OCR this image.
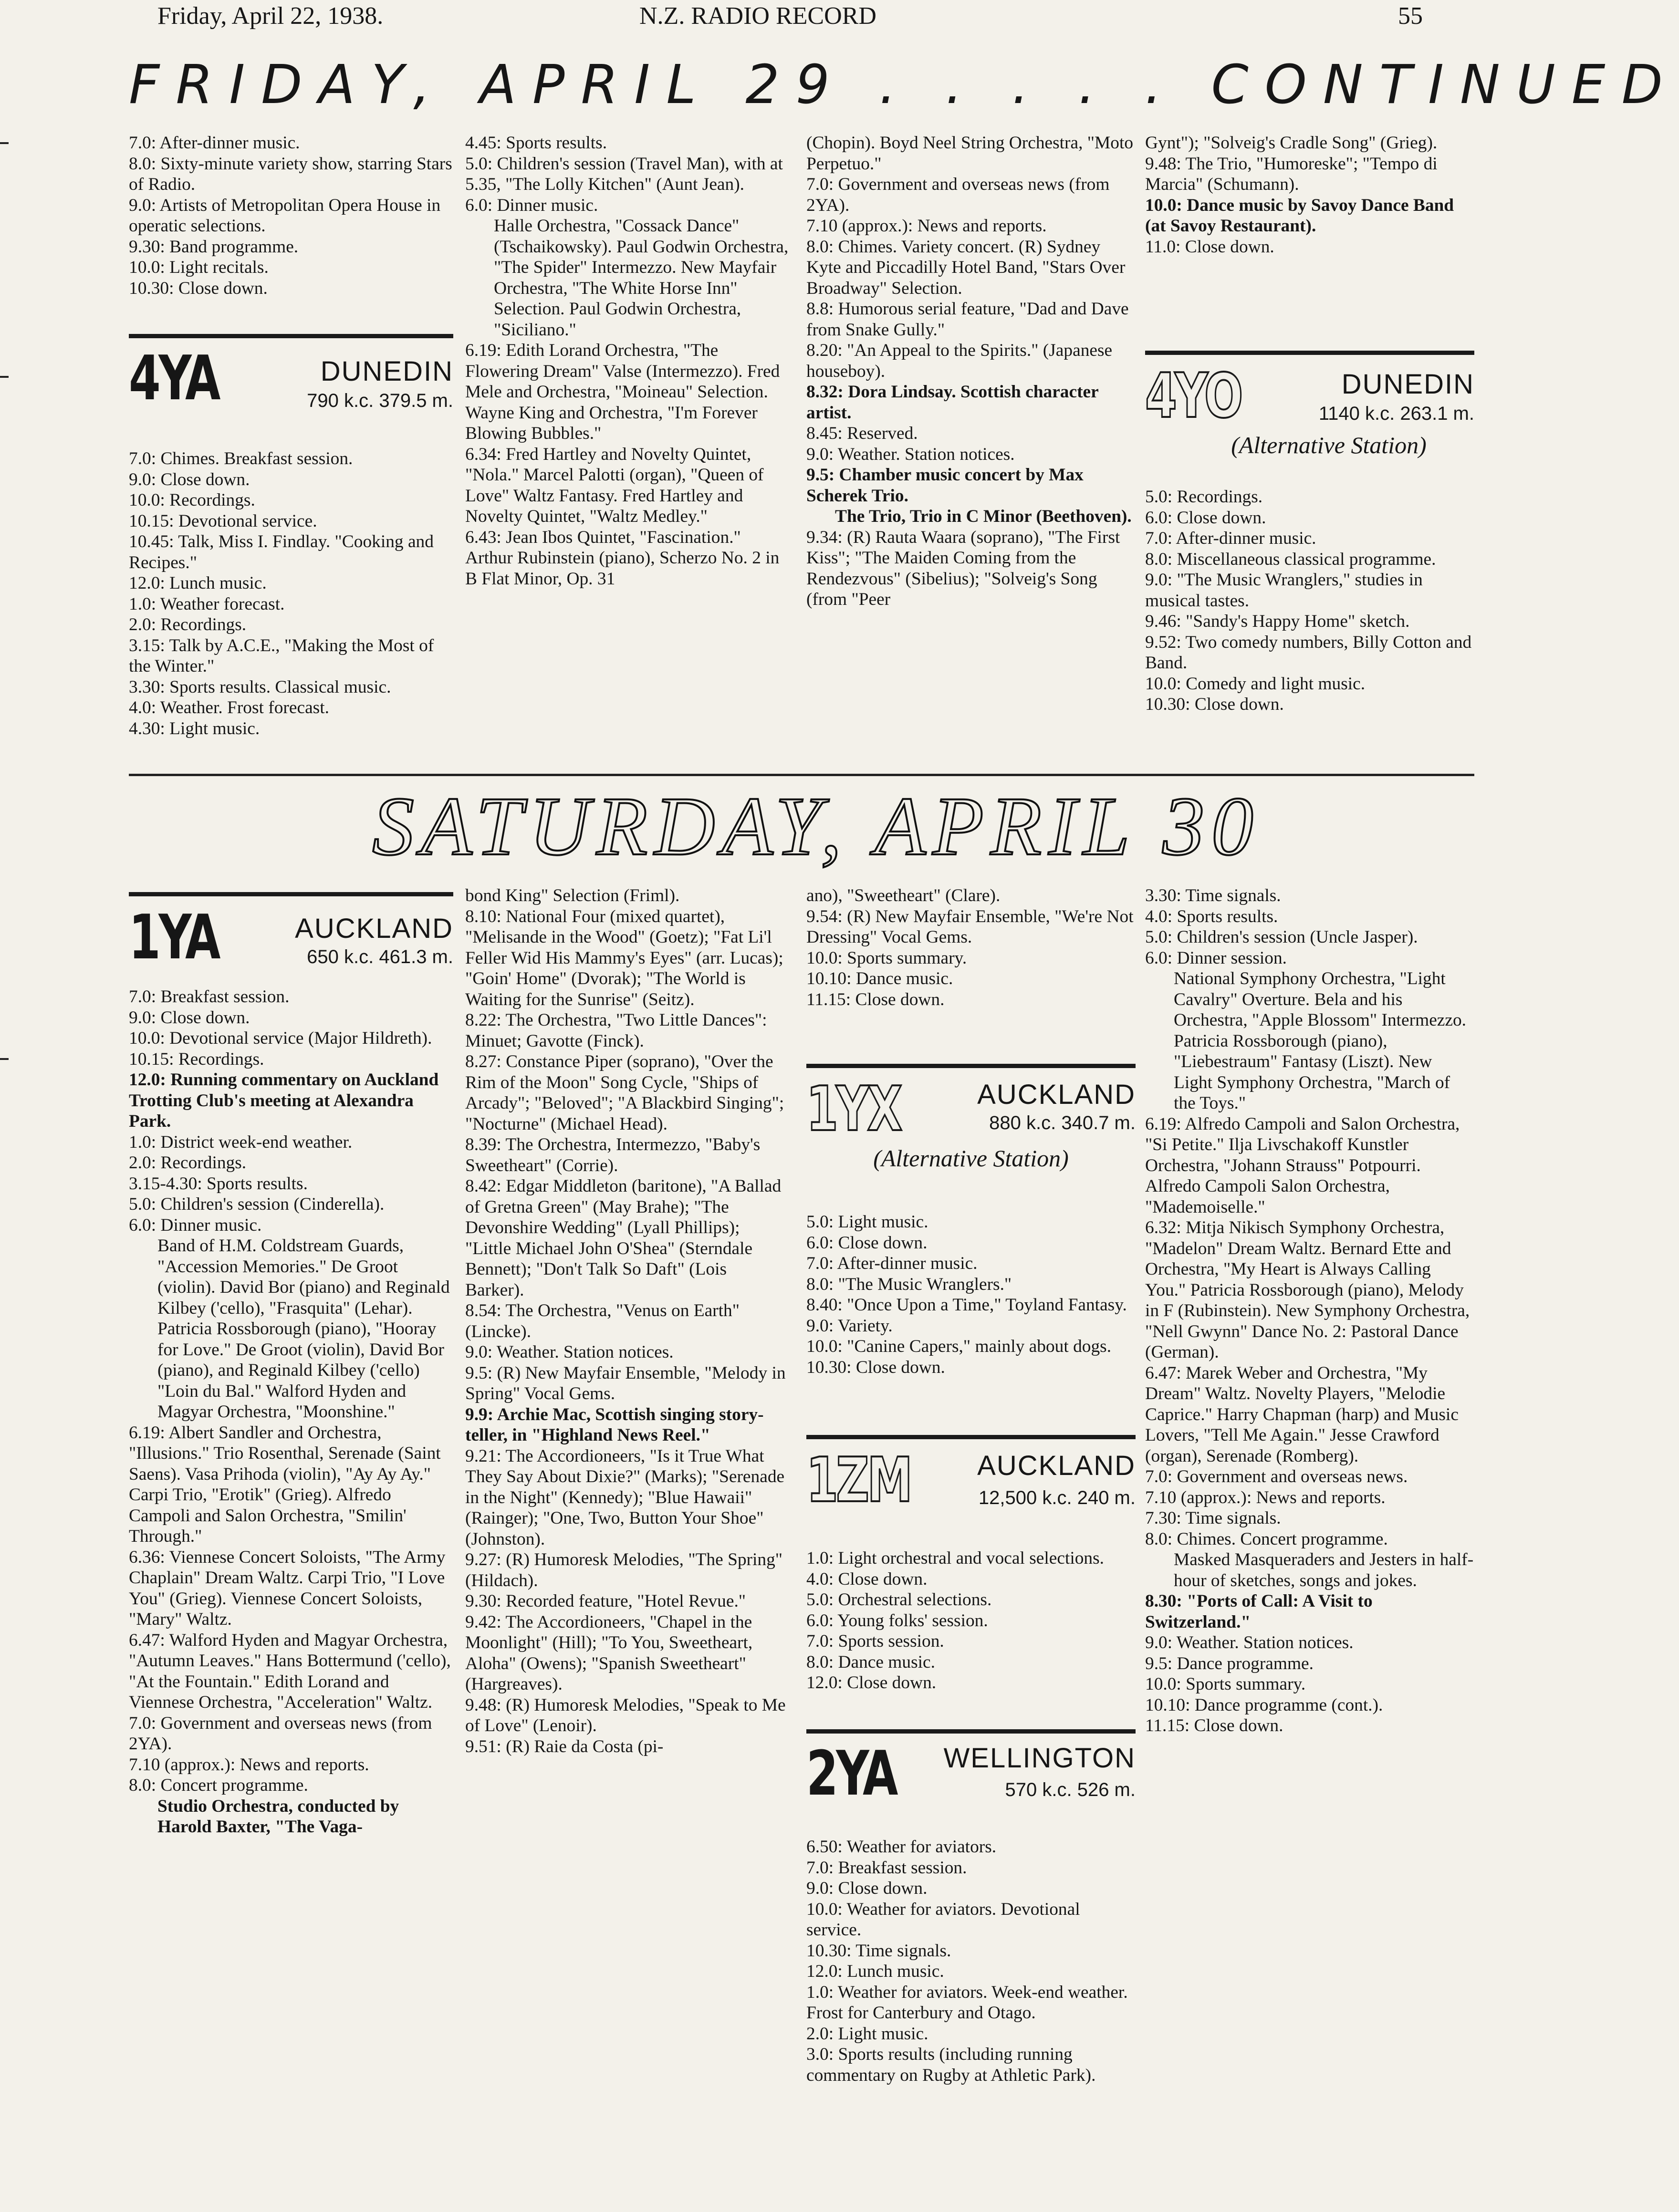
Friday, April 22, 1938.	N.Z. RADIO RECORD	55
FRIDAY, APRIL 29 . . . . . CONTINUED

7.0: After-dinner music.

8.0: Sixty-minute variety show, starring Stars of Radio.

9.0: Artists of Metropolitan Opera House in operatic selections.

9.30: Band programme.

10.0: Light recitals.

10.30: Close down.

4YA	DUNEDIN
790 k.c. 379.5 m.

7.0: Chimes. Breakfast session.

9.0: Close down.

10.0: Recordings.

10.15: Devotional service.

10.45: Talk, Miss I. Findlay. "Cooking and Recipes."

12.0: Lunch music.

1.0: Weather forecast.

2.0: Recordings.

3.15: Talk by A.C.E., "Making the Most of the Winter."

3.30: Sports results. Classical music.

4.0: Weather. Frost forecast.

4.30: Light music.

4.45: Sports results.

5.0: Children's session (Travel Man), with at 5.35, "The Lolly Kitchen" (Aunt Jean).

6.0: Dinner music.

Halle Orchestra, "Cossack Dance" (Tschaikowsky). Paul Godwin Orchestra, "The Spider" Intermezzo. New Mayfair Orchestra, "The White Horse Inn" Selection. Paul Godwin Orchestra, "Siciliano."

6.19: Edith Lorand Orchestra, "The Flowering Dream" Valse (Intermezzo). Fred Mele and Orchestra, "Moineau" Selection. Wayne King and Orchestra, "I'm Forever Blowing Bubbles."

6.34: Fred Hartley and Novelty Quintet, "Nola." Marcel Palotti (organ), "Queen of Love" Waltz Fantasy. Fred Hartley and Novelty Quintet, "Waltz Medley."

6.43: Jean Ibos Quintet, "Fascination." Arthur Rubinstein (piano), Scherzo No. 2 in B Flat Minor, Op. 31

(Chopin). Boyd Neel String Orchestra, "Moto Perpetuo."

7.0: Government and overseas news (from 2YA).

7.10 (approx.): News and reports.

8.0: Chimes. Variety concert. (R) Sydney Kyte and Piccadilly Hotel Band, "Stars Over Broadway" Selection.

8.8: Humorous serial feature, "Dad and Dave from Snake Gully."

8.20: "An Appeal to the Spirits." (Japanese houseboy).

8.32: Dora Lindsay. Scottish character artist.

8.45: Reserved.

9.0: Weather. Station notices.

9.5: Chamber music concert by Max Scherek Trio.

The Trio, Trio in C Minor (Beethoven).

9.34: (R) Rauta Waara (soprano), "The First Kiss"; "The Maiden Coming from the Rendezvous" (Sibelius); "Solveig's Song (from "Peer

Gynt"); "Solveig's Cradle Song" (Grieg).

9.48: The Trio, "Humoreske"; "Tempo di Marcia" (Schumann).

10.0: Dance music by Savoy Dance Band (at Savoy Restaurant).

11.0: Close down.

4YO	DUNEDIN
1140 k.c. 263.1 m.
(Alternative Station)

5.0: Recordings.

6.0: Close down.

7.0: After-dinner music.

8.0: Miscellaneous classical programme.

9.0: "The Music Wranglers," studies in musical tastes.

9.46: "Sandy's Happy Home" sketch.

9.52: Two comedy numbers, Billy Cotton and Band.

10.0: Comedy and light music.

10.30: Close down.

SATURDAY, APRIL 30
1YA	AUCKLAND
650 k.c. 461.3 m.

7.0: Breakfast session.

9.0: Close down.

10.0: Devotional service (Major Hildreth).

10.15: Recordings.

12.0: Running commentary on Auckland Trotting Club's meeting at Alexandra Park.

1.0: District week-end weather.

2.0: Recordings.

3.15-4.30: Sports results.

5.0: Children's session (Cinderella).

6.0: Dinner music.

Band of H.M. Coldstream Guards, "Accession Memories." De Groot (violin). David Bor (piano) and Reginald Kilbey ('cello), "Frasquita" (Lehar). Patricia Rossborough (piano), "Hooray for Love." De Groot (violin), David Bor (piano), and Reginald Kilbey ('cello) "Loin du Bal." Walford Hyden and Magyar Orchestra, "Moonshine."

6.19: Albert Sandler and Orchestra, "Illusions." Trio Rosenthal, Serenade (Saint Saens). Vasa Prihoda (violin), "Ay Ay Ay." Carpi Trio, "Erotik" (Grieg). Alfredo Campoli and Salon Orchestra, "Smilin' Through."

6.36: Viennese Concert Soloists, "The Army Chaplain" Dream Waltz. Carpi Trio, "I Love You" (Grieg). Viennese Concert Soloists, "Mary" Waltz.

6.47: Walford Hyden and Magyar Orchestra, "Autumn Leaves." Hans Bottermund ('cello), "At the Fountain." Edith Lorand and Viennese Orchestra, "Acceleration" Waltz.

7.0: Government and overseas news (from 2YA).

7.10 (approx.): News and reports.

8.0: Concert programme.

Studio Orchestra, conducted by Harold Baxter, "The Vaga-

bond King" Selection (Friml).

8.10: National Four (mixed quartet), "Melisande in the Wood" (Goetz); "Fat Li'l Feller Wid His Mammy's Eyes" (arr. Lucas); "Goin' Home" (Dvorak); "The World is Waiting for the Sunrise" (Seitz).

8.22: The Orchestra, "Two Little Dances": Minuet; Gavotte (Finck).

8.27: Constance Piper (soprano), "Over the Rim of the Moon" Song Cycle, "Ships of Arcady"; "Beloved"; "A Blackbird Singing"; "Nocturne" (Michael Head).

8.39: The Orchestra, Intermezzo, "Baby's Sweetheart" (Corrie).

8.42: Edgar Middleton (baritone), "A Ballad of Gretna Green" (May Brahe); "The Devonshire Wedding" (Lyall Phillips); "Little Michael John O'Shea" (Sterndale Bennett); "Don't Talk So Daft" (Lois Barker).

8.54: The Orchestra, "Venus on Earth" (Lincke).

9.0: Weather. Station notices.

9.5: (R) New Mayfair Ensemble, "Melody in Spring" Vocal Gems.

9.9: Archie Mac, Scottish singing story-teller, in "Highland News Reel."

9.21: The Accordioneers, "Is it True What They Say About Dixie?" (Marks); "Serenade in the Night" (Kennedy); "Blue Hawaii" (Rainger); "One, Two, Button Your Shoe" (Johnston).

9.27: (R) Humoresk Melodies, "The Spring" (Hildach).

9.30: Recorded feature, "Hotel Revue."

9.42: The Accordioneers, "Chapel in the Moonlight" (Hill); "To You, Sweetheart, Aloha" (Owens); "Spanish Sweetheart" (Hargreaves).

9.48: (R) Humoresk Melodies, "Speak to Me of Love" (Lenoir).

9.51: (R) Raie da Costa (pi-

ano), "Sweetheart" (Clare).

9.54: (R) New Mayfair Ensemble, "We're Not Dressing" Vocal Gems.

10.0: Sports summary.

10.10: Dance music.

11.15: Close down.

1YX	AUCKLAND
880 k.c. 340.7 m.
(Alternative Station)

5.0: Light music.

6.0: Close down.

7.0: After-dinner music.

8.0: "The Music Wranglers."

8.40: "Once Upon a Time," Toyland Fantasy.

9.0: Variety.

10.0: "Canine Capers," mainly about dogs.

10.30: Close down.

1ZM AUCKLAND
12,500 k.c. 240 m.

1.0: Light orchestral and vocal selections.

4.0: Close down.

5.0: Orchestral selections.

6.0: Young folks' session.

7.0: Sports session.

8.0: Dance music.

12.0: Close down.

2YA WELLINGTON
570 k.c. 526 m.

6.50: Weather for aviators.

7.0: Breakfast session.

9.0: Close down.

10.0: Weather for aviators. Devotional service.

10.30: Time signals.

12.0: Lunch music.

1.0: Weather for aviators. Week-end weather. Frost for Canterbury and Otago.

2.0: Light music.

3.0: Sports results (including running commentary on Rugby at Athletic Park).

3.30: Time signals.

4.0: Sports results.

5.0: Children's session (Uncle Jasper).

6.0: Dinner session.

National Symphony Orchestra, "Light Cavalry" Overture. Bela and his Orchestra, "Apple Blossom" Intermezzo. Patricia Rossborough (piano), "Liebestraum" Fantasy (Liszt). New Light Symphony Orchestra, "March of the Toys."

6.19: Alfredo Campoli and Salon Orchestra, "Si Petite." Ilja Livschakoff Kunstler Orchestra, "Johann Strauss" Potpourri. Alfredo Campoli Salon Orchestra, "Mademoiselle."

6.32: Mitja Nikisch Symphony Orchestra, "Madelon" Dream Waltz. Bernard Ette and Orchestra, "My Heart is Always Calling You." Patricia Rossborough (piano), Melody in F (Rubinstein). New Symphony Orchestra, "Nell Gwynn" Dance No. 2: Pastoral Dance (German).

6.47: Marek Weber and Orchestra, "My Dream" Waltz. Novelty Players, "Melodie Caprice." Harry Chapman (harp) and Music Lovers, "Tell Me Again." Jesse Crawford (organ), Serenade (Romberg).

7.0: Government and overseas news.

7.10 (approx.): News and reports.

7.30: Time signals.

8.0: Chimes. Concert programme.

Masked Masqueraders and Jesters in half-hour of sketches, songs and jokes.

8.30: "Ports of Call: A Visit to Switzerland."

9.0: Weather. Station notices.

9.5: Dance programme.

10.0: Sports summary.

10.10: Dance programme (cont.).

11.15: Close down.
